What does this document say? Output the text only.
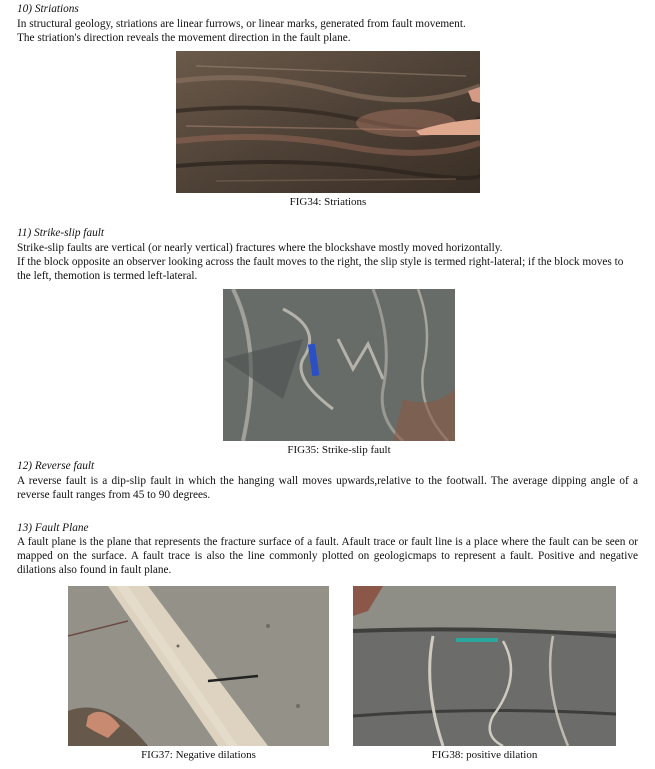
10) Striations

In structural geology, striations are linear furrows, or linear marks, generated from fault movement.

The striation's direction reveals the movement direction in the fault plane.

FIG34: Striations
11) Strike-slip fault

Strike-slip faults are vertical (or nearly vertical) fractures where the blockshave mostly moved horizontally.

If the block opposite an observer looking across the fault moves to the right, the slip style is termed right-lateral; if the block moves to the left, themotion is termed left-lateral.

FIG35: Strike-slip fault
12) Reverse fault

A reverse fault is a dip-slip fault in which the hanging wall moves upwards,relative to the footwall. The average dipping angle of a reverse fault ranges from 45 to 90 degrees.

13) Fault Plane

A fault plane is the plane that represents the fracture surface of a fault. Afault trace or fault line is a place where the fault can be seen or mapped on the surface. A fault trace is also the line commonly plotted on geologicmaps to represent a fault. Positive and negative dilations also found in fault plane.

FIG37: Negative dilations	FIG38: positive dilation
